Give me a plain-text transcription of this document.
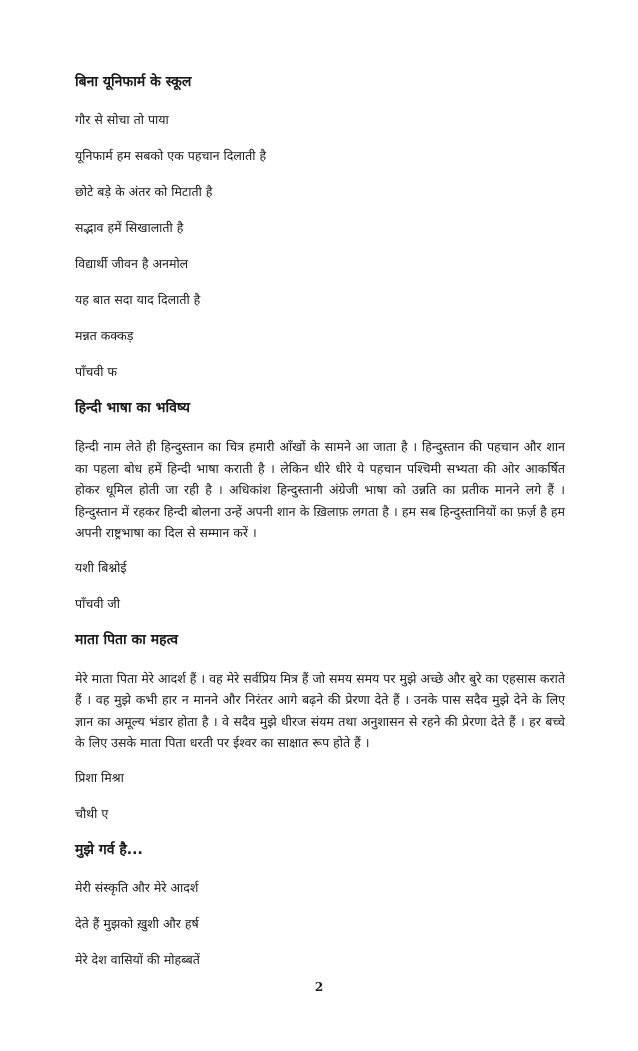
बिना यूनिफार्म के स्कूल
गौर से सोचा तो पाया
यूनिफार्म हम सबको एक पहचान दिलाती है
छोटे बड़े के अंतर को मिटाती है
सद्भाव हमें सिखालाती है
विद्यार्थी जीवन है अनमोल
यह बात सदा याद दिलाती है
मन्नत कक्कड़
पाँचवी फ
हिन्दी भाषा का भविष्य
हिन्दी नाम लेते ही हिन्दुस्तान का चित्र हमारी आँखों के सामने आ जाता है । हिन्दुस्तान की पहचान और शान का पहला बोध हमें हिन्दी भाषा कराती है । लेकिन धीरे धीरे ये पहचान पश्चिमी सभ्यता की ओर आकर्षित होकर धूमिल होती जा रही है । अधिकांश हिन्दुस्तानी अंग्रेजी भाषा को उन्नति का प्रतीक मानने लगे हैं । हिन्दुस्तान में रहकर हिन्दी बोलना उन्हें अपनी शान के ख़िलाफ़ लगता है । हम सब हिन्दुस्तानियों का फ़र्ज़ है हम अपनी राष्ट्रभाषा का दिल से सम्मान करें ।
यशी बिश्नोई
पाँचवी जी
माता पिता का महत्व
मेरे माता पिता मेरे आदर्श हैं । वह मेरे सर्वप्रिय मित्र हैं जो समय समय पर मुझे अच्छे और बुरे का एहसास कराते हैं । वह मुझे कभी हार न मानने और निरंतर आगे बढ़ने की प्रेरणा देते हैं । उनके पास सदैव मुझे देने के लिए ज्ञान का अमूल्य भंडार होता है । वे सदैव मुझे धीरज संयम तथा अनुशासन से रहने की प्रेरणा देते हैं । हर बच्चे के लिए उसके माता पिता धरती पर ईश्वर का साक्षात रूप होते हैं ।
प्रिशा मिश्रा
चौथी ए
मुझे गर्व है...
मेरी संस्कृति और मेरे आदर्श
देते हैं मुझको ख़ुशी और हर्ष
मेरे देश वासियों की मोहब्बतें
2
